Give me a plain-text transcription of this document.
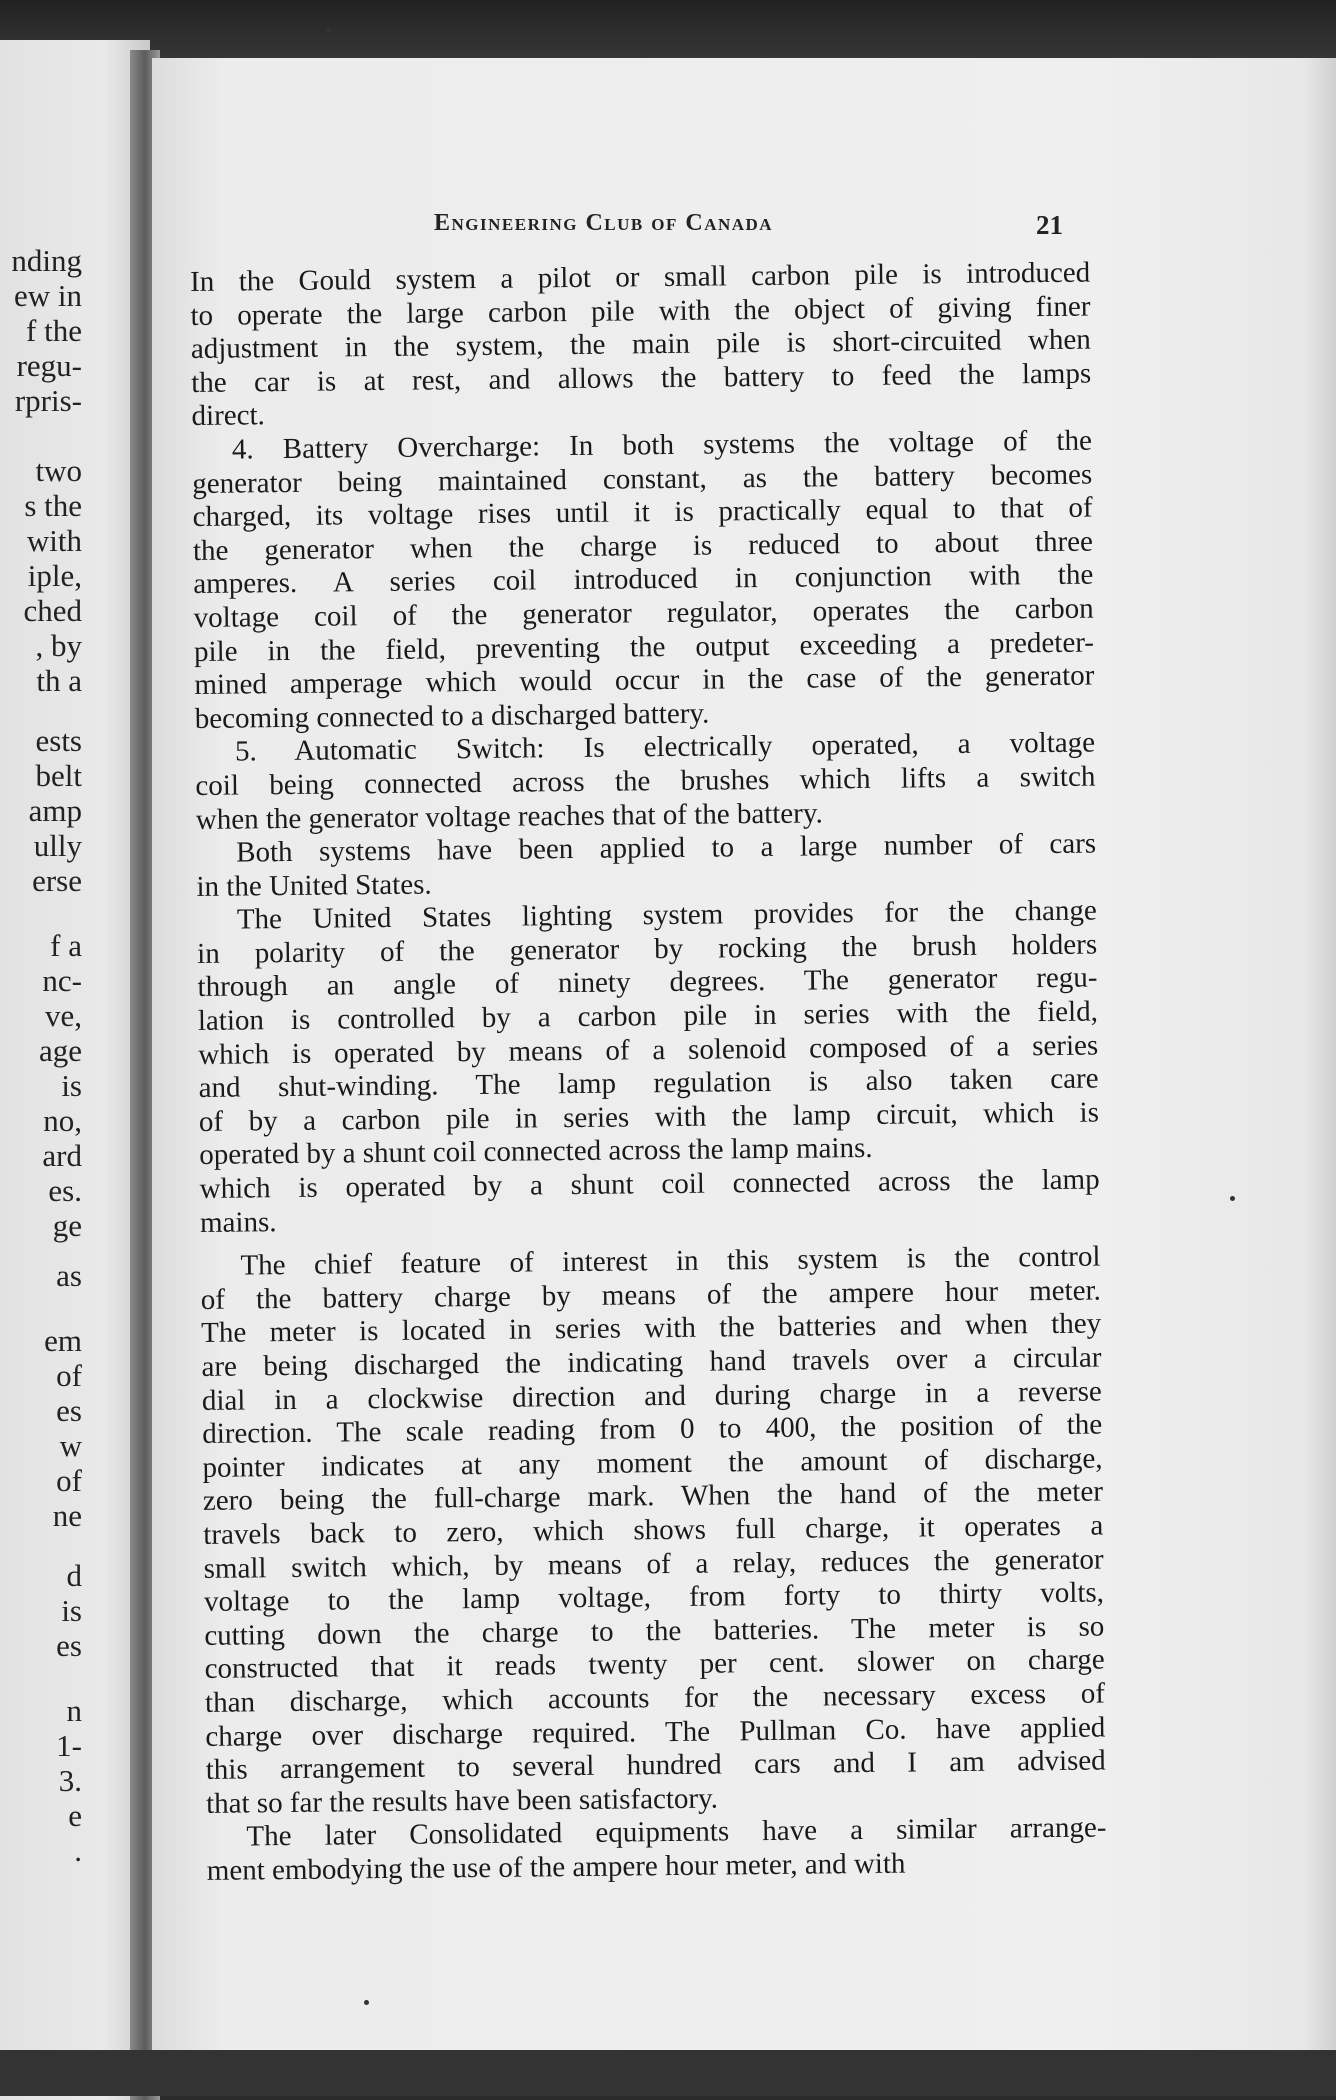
nding
ew in
f the
regu-
rpris-
two
s the
with
iple,
ched
, by
th a
ests
belt
amp
ully
erse
f a
nc-
ve,
age
is
no,
ard
es.
ge
as
em
of
es
w
of
ne
d
is
es
n
1-
3.
e
.
Engineering Club of Canada	21
In the Gould system a pilot or small carbon pile is introduced
to operate the large carbon pile with the object of giving finer
adjustment in the system, the main pile is short-circuited when
the car is at rest, and allows the battery to feed the lamps
direct.
4. Battery Overcharge: In both systems the voltage of the
generator being maintained constant, as the battery becomes
charged, its voltage rises until it is practically equal to that of
the generator when the charge is reduced to about three
amperes. A series coil introduced in conjunction with the
voltage coil of the generator regulator, operates the carbon
pile in the field, preventing the output exceeding a predeter-
mined amperage which would occur in the case of the generator
becoming connected to a discharged battery.
5. Automatic Switch: Is electrically operated, a voltage
coil being connected across the brushes which lifts a switch
when the generator voltage reaches that of the battery.
Both systems have been applied to a large number of cars
in the United States.
The United States lighting system provides for the change
in polarity of the generator by rocking the brush holders
through an angle of ninety degrees. The generator regu-
lation is controlled by a carbon pile in series with the field,
which is operated by means of a solenoid composed of a series
and shut-winding. The lamp regulation is also taken care
of by a carbon pile in series with the lamp circuit, which is
operated by a shunt coil connected across the lamp mains.
which is operated by a shunt coil connected across the lamp
mains.
The chief feature of interest in this system is the control
of the battery charge by means of the ampere hour meter.
The meter is located in series with the batteries and when they
are being discharged the indicating hand travels over a circular
dial in a clockwise direction and during charge in a reverse
direction. The scale reading from 0 to 400, the position of the
pointer indicates at any moment the amount of discharge,
zero being the full-charge mark. When the hand of the meter
travels back to zero, which shows full charge, it operates a
small switch which, by means of a relay, reduces the generator
voltage to the lamp voltage, from forty to thirty volts,
cutting down the charge to the batteries. The meter is so
constructed that it reads twenty per cent. slower on charge
than discharge, which accounts for the necessary excess of
charge over discharge required. The Pullman Co. have applied
this arrangement to several hundred cars and I am advised
that so far the results have been satisfactory.
The later Consolidated equipments have a similar arrange-
ment embodying the use of the ampere hour meter, and with
